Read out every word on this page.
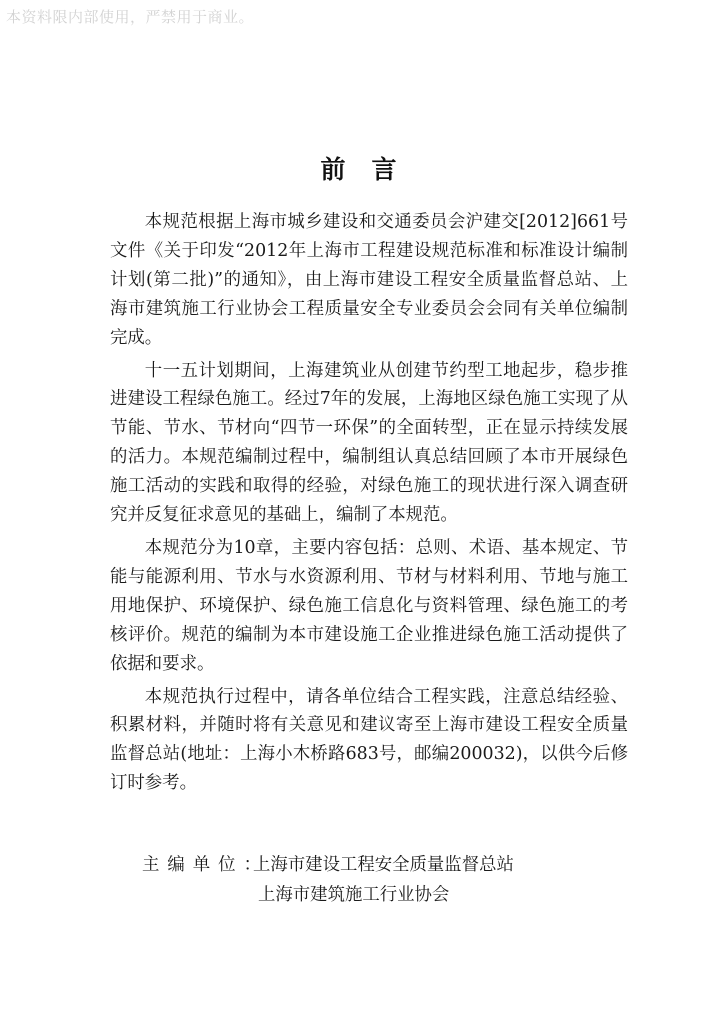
本资料限内部使用，严禁用于商业。
前言

本规范根据上海市城乡建设和交通委员会沪建交[2012]661号文件《关于印发“2012年上海市工程建设规范标准和标准设计编制计划(第二批)”的通知》，由上海市建设工程安全质量监督总站、上海市建筑施工行业协会工程质量安全专业委员会会同有关单位编制完成。

十一五计划期间，上海建筑业从创建节约型工地起步，稳步推进建设工程绿色施工。经过7年的发展，上海地区绿色施工实现了从节能、节水、节材向“四节一环保”的全面转型，正在显示持续发展的活力。本规范编制过程中，编制组认真总结回顾了本市开展绿色施工活动的实践和取得的经验，对绿色施工的现状进行深入调查研究并反复征求意见的基础上，编制了本规范。

本规范分为10章，主要内容包括：总则、术语、基本规定、节能与能源利用、节水与水资源利用、节材与材料利用、节地与施工用地保护、环境保护、绿色施工信息化与资料管理、绿色施工的考核评价。规范的编制为本市建设施工企业推进绿色施工活动提供了依据和要求。

本规范执行过程中，请各单位结合工程实践，注意总结经验、积累材料，并随时将有关意见和建议寄至上海市建设工程安全质量监督总站(地址：上海小木桥路683号，邮编200032)，以供今后修订时参考。

主编单位：上海市建设工程安全质量监督总站
上海市建筑施工行业协会
